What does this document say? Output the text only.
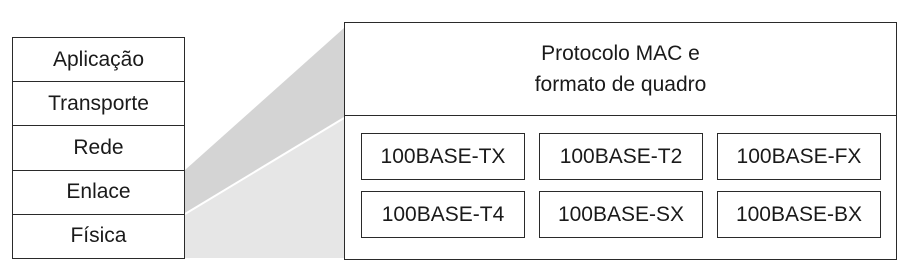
Aplicação
Transporte
Rede
Enlace
Física
Protocolo MAC e
formato de quadro
100BASE-TX	100BASE-T2	100BASE-FX
100BASE-T4	100BASE-SX	100BASE-BX
